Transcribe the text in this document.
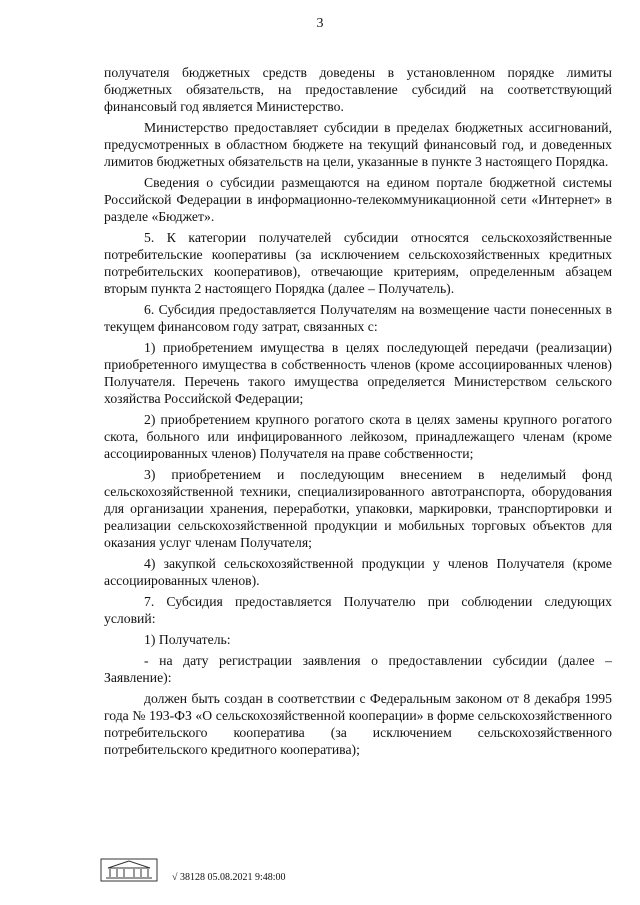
3

получателя бюджетных средств доведены в установленном порядке лимиты бюджетных обязательств, на предоставление субсидий на соответствующий финансовый год является Министерство.

Министерство предоставляет субсидии в пределах бюджетных ассигнований, предусмотренных в областном бюджете на текущий финансовый год, и доведенных лимитов бюджетных обязательств на цели, указанные в пункте 3 настоящего Порядка.

Сведения о субсидии размещаются на едином портале бюджетной системы Российской Федерации в информационно-телекоммуникационной сети «Интернет» в разделе «Бюджет».

5. К категории получателей субсидии относятся сельскохозяйственные потребительские кооперативы (за исключением сельскохозяйственных кредитных потребительских кооперативов), отвечающие критериям, определенным абзацем вторым пункта 2 настоящего Порядка (далее – Получатель).

6. Субсидия предоставляется Получателям на возмещение части понесенных в текущем финансовом году затрат, связанных с:

1) приобретением имущества в целях последующей передачи (реализации) приобретенного имущества в собственность членов (кроме ассоциированных членов) Получателя. Перечень такого имущества определяется Министерством сельского хозяйства Российской Федерации;

2) приобретением крупного рогатого скота в целях замены крупного рогатого скота, больного или инфицированного лейкозом, принадлежащего членам (кроме ассоциированных членов) Получателя на праве собственности;

3) приобретением и последующим внесением в неделимый фонд сельскохозяйственной техники, специализированного автотранспорта, оборудования для организации хранения, переработки, упаковки, маркировки, транспортировки и реализации сельскохозяйственной продукции и мобильных торговых объектов для оказания услуг членам Получателя;

4) закупкой сельскохозяйственной продукции у членов Получателя (кроме ассоциированных членов).

7. Субсидия предоставляется Получателю при соблюдении следующих условий:

1) Получатель:

- на дату регистрации заявления о предоставлении субсидии (далее – Заявление):

должен быть создан в соответствии с Федеральным законом от 8 декабря 1995 года № 193-ФЗ «О сельскохозяйственной кооперации» в форме сельскохозяйственного потребительского кооператива (за исключением сельскохозяйственного потребительского кредитного кооператива);

√ 38128 05.08.2021 9:48:00
